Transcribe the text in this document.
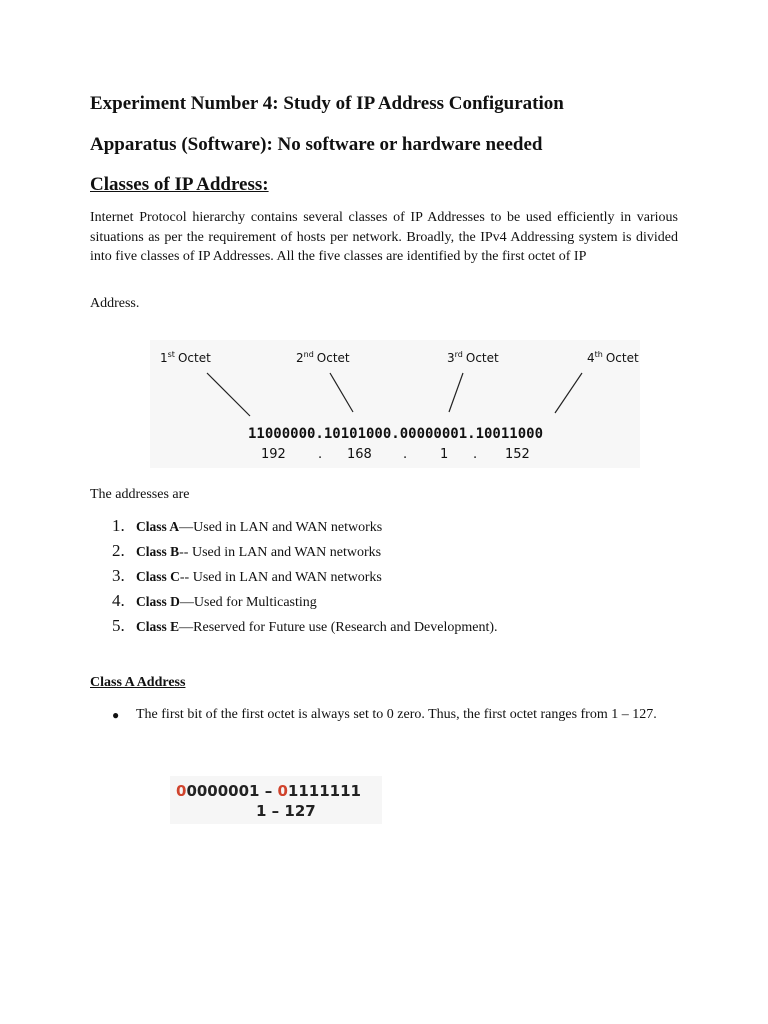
Experiment Number 4: Study of IP Address Configuration
Apparatus (Software): No software or hardware needed
Classes of IP Address:

Internet Protocol hierarchy contains several classes of IP Addresses to be used efficiently in various situations as per the requirement of hosts per network. Broadly, the IPv4 Addressing system is divided into five classes of IP Addresses. All the five classes are identified by the first octet of IP

Address.

1st Octet	2nd Octet	3rd Octet	4th Octet
11000000.10101000.00000001.10011000
192 . 168 .	1 . 152

The addresses are

1. Class A —Used in LAN and WAN networks
2. Class B -- Used in LAN and WAN networks
3. Class C -- Used in LAN and WAN networks
4. Class D —Used for Multicasting
5. Class E —Reserved for Future use (Research and Development).

Class A Address

●	The first bit of the first octet is always set to 0 zero. Thus, the first octet ranges from 1 – 127.
00000001 – 01111111
1 – 127
